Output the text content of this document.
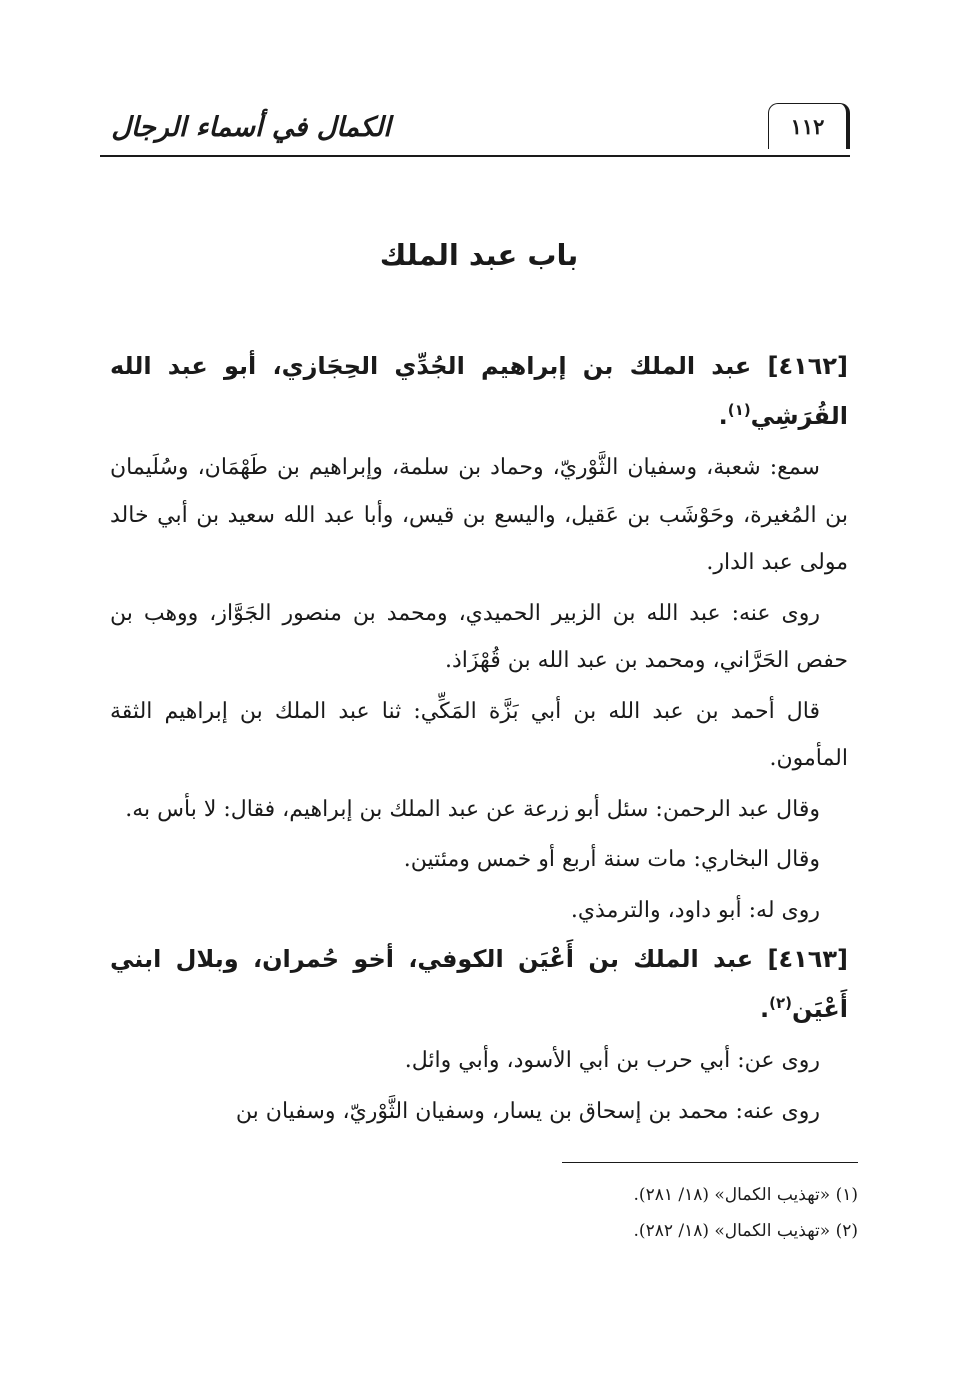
الكمال في أسماء الرجال	١١٢
باب عبد الملك

[٤١٦٢] عبد الملك بن إبراهيم الجُدِّي الحِجَازي، أبو عبد الله القُرَشِي$^{(١)}$.

سمع: شعبة، وسفيان الثَّوْريّ، وحماد بن سلمة، وإبراهيم بن طَهْمَان، وسُلَيمان بن المُغيرة، وحَوْشَب بن عَقيل، واليسع بن قيس، وأبا عبد الله سعيد بن أبي خالد مولى عبد الدار.

روى عنه: عبد الله بن الزبير الحميدي، ومحمد بن منصور الجَوَّاز، ووهب بن حفص الحَرَّاني، ومحمد بن عبد الله بن قُهْزَاذ.

قال أحمد بن عبد الله بن أبي بَزَّة المَكِّي: ثنا عبد الملك بن إبراهيم الثقة المأمون.

وقال عبد الرحمن: سئل أبو زرعة عن عبد الملك بن إبراهيم، فقال: لا بأس به.

وقال البخاري: مات سنة أربع أو خمس ومئتين.

روى له: أبو داود، والترمذي.

[٤١٦٣] عبد الملك بن أَعْيَن الكوفي، أخو حُمران، وبلال ابني أَعْيَن$^{(٢)}$.

روى عن: أبي حرب بن أبي الأسود، وأبي وائل.

روى عنه: محمد بن إسحاق بن يسار، وسفيان الثَّوْريّ، وسفيان بن

(١) «تهذيب الكمال» (١٨/ ٢٨١).

(٢) «تهذيب الكمال» (١٨/ ٢٨٢).
